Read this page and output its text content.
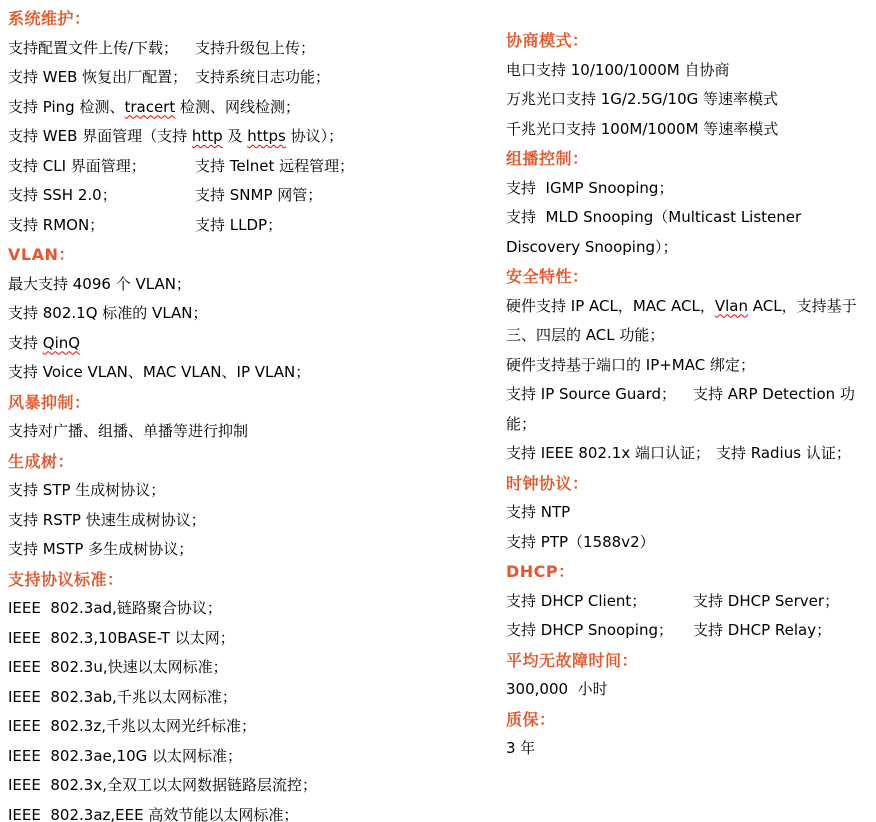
系统维护：
支持配置文件上传/下载； 支持升级包上传；
支持 WEB 恢复出厂配置； 支持系统日志功能；
支持 Ping 检测、tracert 检测、网线检测；
支持 WEB 界面管理（支持 http 及 https 协议）；
支持 CLI 界面管理；	支持 Telnet 远程管理；
支持 SSH 2.0；	支持 SNMP 网管；
支持 RMON；	支持 LLDP；
VLAN：
最大支持 4096 个 VLAN；
支持 802.1Q 标准的 VLAN；
支持 QinQ
支持 Voice VLAN、MAC VLAN、IP VLAN；
风暴抑制：
支持对广播、组播、单播等进行抑制
生成树：
支持 STP 生成树协议；
支持 RSTP 快速生成树协议；
支持 MSTP 多生成树协议；
支持协议标准：
IEEE  802.3ad,链路聚合协议；
IEEE  802.3,10BASE-T 以太网；
IEEE  802.3u,快速以太网标准；
IEEE  802.3ab,千兆以太网标准；
IEEE  802.3z,千兆以太网光纤标准；
IEEE  802.3ae,10G 以太网标准；
IEEE  802.3x,全双工以太网数据链路层流控；
IEEE  802.3az,EEE 高效节能以太网标准；
协商模式：
电口支持 10/100/1000M 自协商
万兆光口支持 1G/2.5G/10G 等速率模式
千兆光口支持 100M/1000M 等速率模式
组播控制：
支持  IGMP Snooping；
支持  MLD Snooping（Multicast Listener Discovery Snooping）；
安全特性：
硬件支持 IP ACL，MAC ACL，Vlan ACL，支持基于三、四层的 ACL 功能；
硬件支持基于端口的 IP+MAC 绑定；
支持 IP Source Guard； 支持 ARP Detection 功能；
支持 IEEE 802.1x 端口认证； 支持 Radius 认证；
时钟协议：
支持 NTP
支持 PTP（1588v2）
DHCP：
支持 DHCP Client；	支持 DHCP Server；
支持 DHCP Snooping； 支持 DHCP Relay；
平均无故障时间：
300,000  小时
质保：
3 年
